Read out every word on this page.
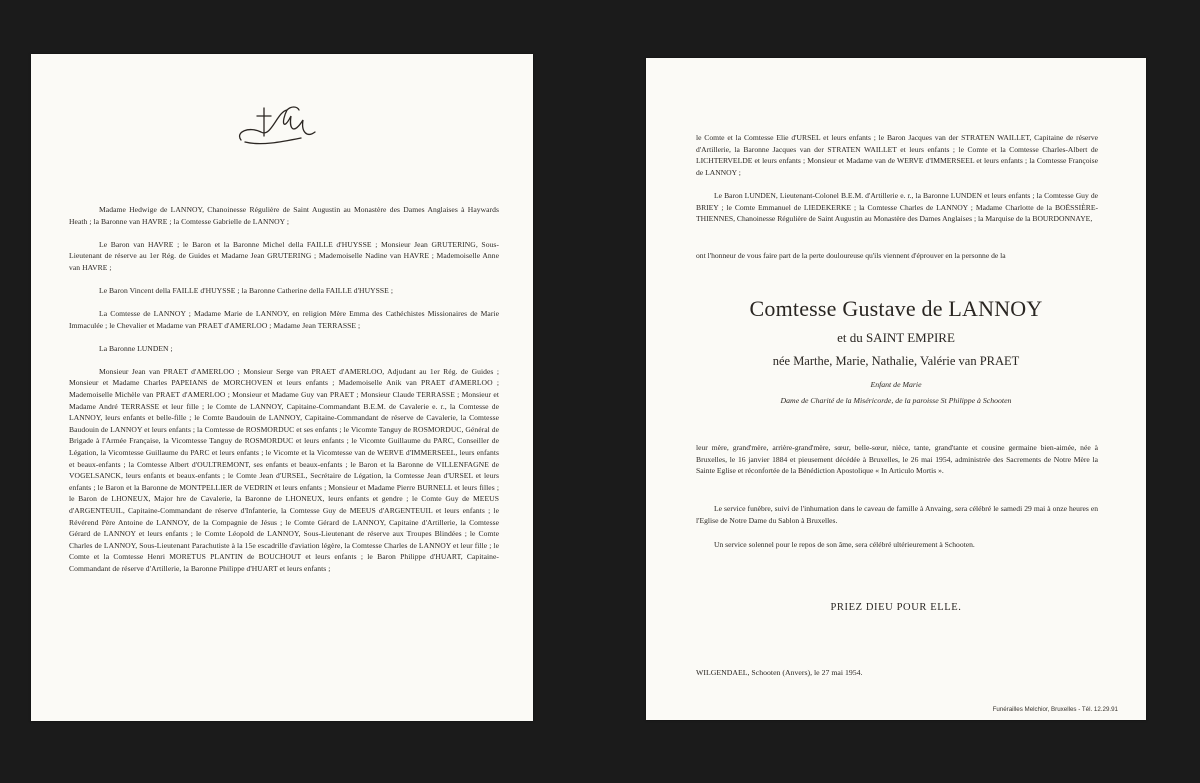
Madame Hedwige de LANNOY, Chanoinesse Régulière de Saint Augustin au Monastère des Dames Anglaises à Haywards Heath ; la Baronne van HAVRE ; la Comtesse Gabrielle de LANNOY ;

Le Baron van HAVRE ; le Baron et la Baronne Michel della FAILLE d'HUYSSE ; Monsieur Jean GRUTERING, Sous-Lieutenant de réserve au 1er Rég. de Guides et Madame Jean GRUTERING ; Mademoiselle Nadine van HAVRE ; Mademoiselle Anne van HAVRE ;

Le Baron Vincent della FAILLE d'HUYSSE ; la Baronne Catherine della FAILLE d'HUYSSE ;

La Comtesse de LANNOY ; Madame Marie de LANNOY, en religion Mère Emma des Cathéchistes Missionaires de Marie Immaculée ; le Chevalier et Madame van PRAET d'AMERLOO ; Madame Jean TERRASSE ;

La Baronne LUNDEN ;

Monsieur Jean van PRAET d'AMERLOO ; Monsieur Serge van PRAET d'AMERLOO, Adjudant au 1er Rég. de Guides ; Monsieur et Madame Charles PAPEIANS de MORCHOVEN et leurs enfants ; Mademoiselle Anik van PRAET d'AMERLOO ; Mademoiselle Michèle van PRAET d'AMERLOO ; Monsieur et Madame Guy van PRAET ; Monsieur Claude TERRASSE ; Monsieur et Madame André TERRASSE et leur fille ; le Comte de LANNOY, Capitaine-Commandant B.E.M. de Cavalerie e. r., la Comtesse de LANNOY, leurs enfants et belle-fille ; le Comte Baudouin de LANNOY, Capitaine-Commandant de réserve de Cavalerie, la Comtesse Baudouin de LANNOY et leurs enfants ; la Comtesse de ROSMORDUC et ses enfants ; le Vicomte Tanguy de ROSMORDUC, Général de Brigade à l'Armée Française, la Vicomtesse Tanguy de ROSMORDUC et leurs enfants ; le Vicomte Guillaume du PARC, Conseiller de Légation, la Vicomtesse Guillaume du PARC et leurs enfants ; le Vicomte et la Vicomtesse van de WERVE d'IMMERSEEL, leurs enfants et beaux-enfants ; la Comtesse Albert d'OULTREMONT, ses enfants et beaux-enfants ; le Baron et la Baronne de VILLENFAGNE de VOGELSANCK, leurs enfants et beaux-enfants ; le Comte Jean d'URSEL, Secrétaire de Légation, la Comtesse Jean d'URSEL et leurs enfants ; le Baron et la Baronne de MONTPELLIER de VEDRIN et leurs enfants ; Monsieur et Madame Pierre BURNELL et leurs filles ; le Baron de LHONEUX, Major hre de Cavalerie, la Baronne de LHONEUX, leurs enfants et gendre ; le Comte Guy de MEEUS d'ARGENTEUIL, Capitaine-Commandant de réserve d'Infanterie, la Comtesse Guy de MEEUS d'ARGENTEUIL et leurs enfants ; le Révérend Père Antoine de LANNOY, de la Compagnie de Jésus ; le Comte Gérard de LANNOY, Capitaine d'Artillerie, la Comtesse Gérard de LANNOY et leurs enfants ; le Comte Léopold de LANNOY, Sous-Lieutenant de réserve aux Troupes Blindées ; le Comte Charles de LANNOY, Sous-Lieutenant Parachutiste à la 15e escadrille d'aviation légère, la Comtesse Charles de LANNOY et leur fille ; le Comte et la Comtesse Henri MORETUS PLANTIN de BOUCHOUT et leurs enfants ; le Baron Philippe d'HUART, Capitaine-Commandant de réserve d'Artillerie, la Baronne Philippe d'HUART et leurs enfants ;

le Comte et la Comtesse Elie d'URSEL et leurs enfants ; le Baron Jacques van der STRATEN WAILLET, Capitaine de réserve d'Artillerie, la Baronne Jacques van der STRATEN WAILLET et leurs enfants ; le Comte et la Comtesse Charles-Albert de LICHTERVELDE et leurs enfants ; Monsieur et Madame van de WERVE d'IMMERSEEL et leurs enfants ; la Comtesse Françoise de LANNOY ;

Le Baron LUNDEN, Lieutenant-Colonel B.E.M. d'Artillerie e. r., la Baronne LUNDEN et leurs enfants ; la Comtesse Guy de BRIEY ; le Comte Emmanuel de LIEDEKERKE ; la Comtesse Charles de LANNOY ; Madame Charlotte de la BOËSSIÈRE-THIENNES, Chanoinesse Régulière de Saint Augustin au Monastère des Dames Anglaises ; la Marquise de la BOURDONNAYE,

ont l'honneur de vous faire part de la perte douloureuse qu'ils viennent d'éprouver en la personne de la

Comtesse Gustave de LANNOY
et du SAINT EMPIRE
née Marthe, Marie, Nathalie, Valérie van PRAET
Enfant de Marie
Dame de Charité de la Miséricorde, de la paroisse St Philippe à Schooten

leur mère, grand'mère, arrière-grand'mère, sœur, belle-sœur, nièce, tante, grand'tante et cousine germaine bien-aimée, née à Bruxelles, le 16 janvier 1884 et pieusement décédée à Bruxelles, le 26 mai 1954, administrée des Sacrements de Notre Mère la Sainte Eglise et réconfortée de la Bénédiction Apostolique « In Articulo Mortis ».

Le service funèbre, suivi de l'inhumation dans le caveau de famille à Anvaing, sera célébré le samedi 29 mai à onze heures en l'Eglise de Notre Dame du Sablon à Bruxelles.

Un service solennel pour le repos de son âme, sera célébré ultérieurement à Schooten.

PRIEZ DIEU POUR ELLE.
WILGENDAEL, Schooten (Anvers), le 27 mai 1954.
Funérailles Melchior, Bruxelles - Tél. 12.29.91
